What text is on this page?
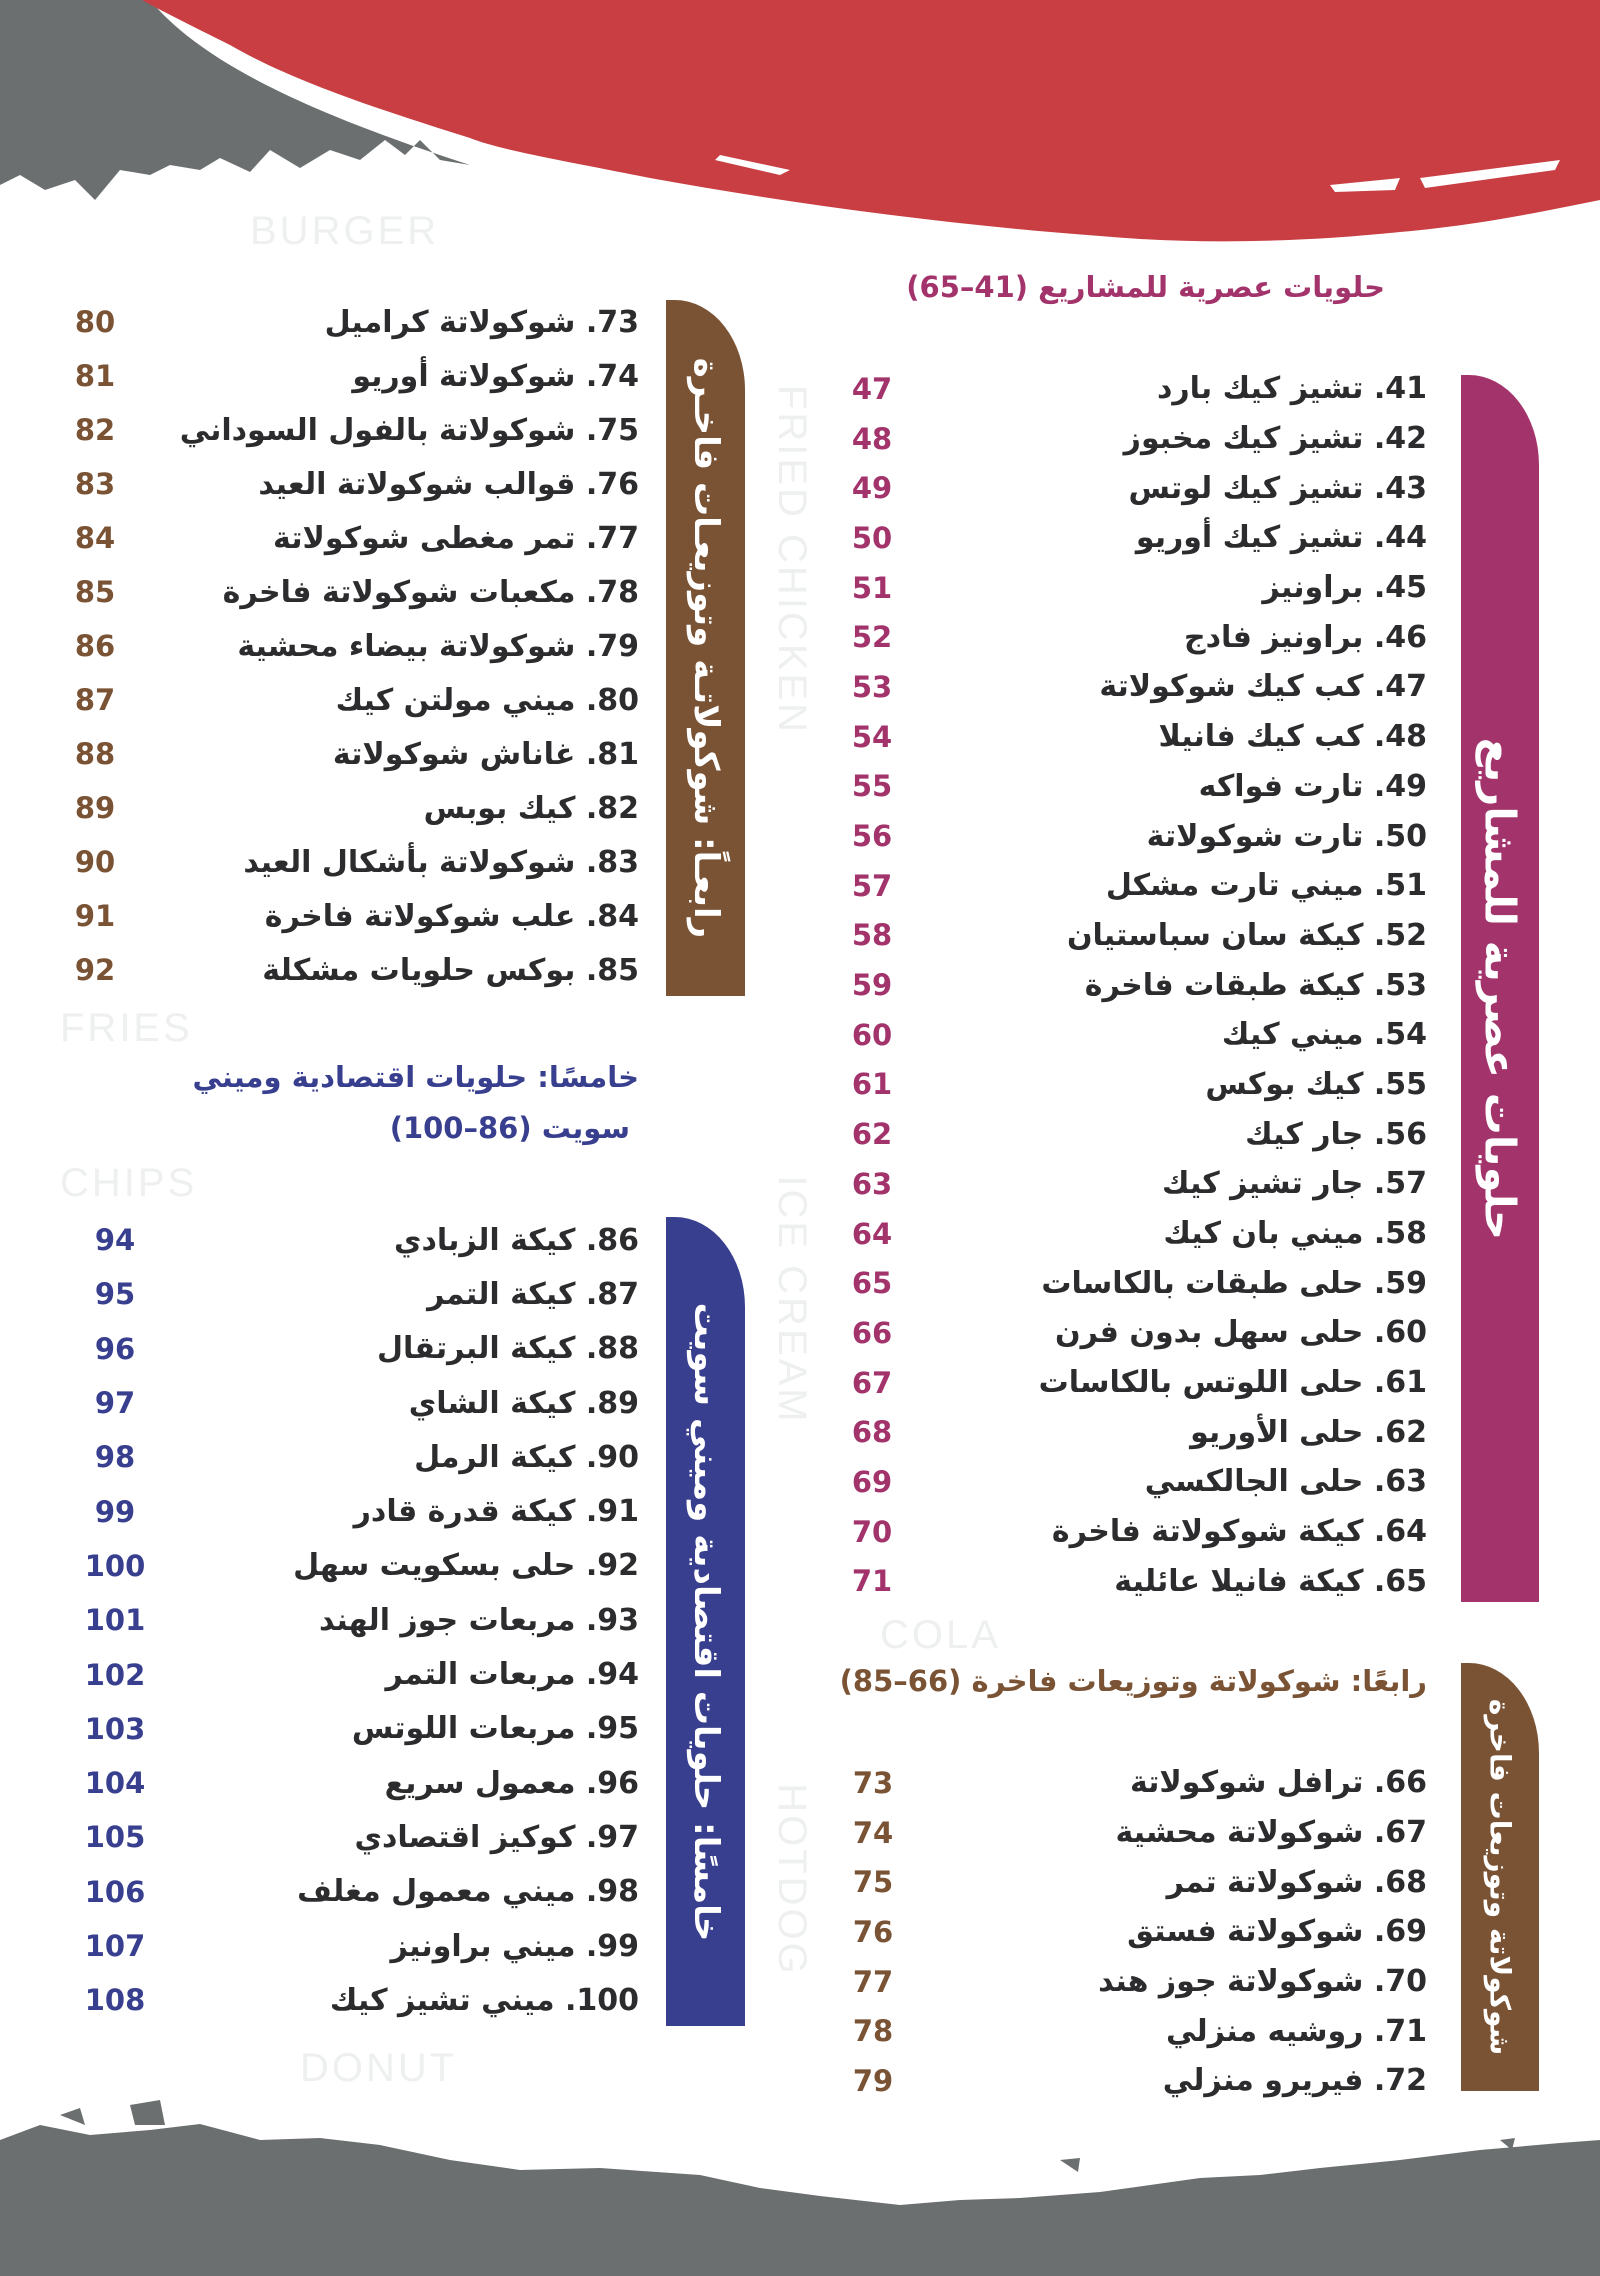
BURGER
FRIES
CHIPS
COLA
DONUT
FRIED CHICKEN
ICE CREAM
HOTDOG
حلويات عصرية للمشاريع (41–65)
حلويات عصرية للمشاريع
41. تشيز كيك بارد
47
42. تشيز كيك مخبوز
48
43. تشيز كيك لوتس
49
44. تشيز كيك أوريو
50
45. براونيز
51
46. براونيز فادج
52
47. كب كيك شوكولاتة
53
48. كب كيك فانيلا
54
49. تارت فواكه
55
50. تارت شوكولاتة
56
51. ميني تارت مشكل
57
52. كيكة سان سباستيان
58
53. كيكة طبقات فاخرة
59
54. ميني كيك
60
55. كيك بوكس
61
56. جار كيك
62
57. جار تشيز كيك
63
58. ميني بان كيك
64
59. حلى طبقات بالكاسات
65
60. حلى سهل بدون فرن
66
61. حلى اللوتس بالكاسات
67
62. حلى الأوريو
68
63. حلى الجالكسي
69
64. كيكة شوكولاتة فاخرة
70
65. كيكة فانيلا عائلية
71
رابعًا: شوكولاتة وتوزيعات فاخرة (66–85)
شوكولاتة وتوزيعات فاخرة
66. ترافل شوكولاتة
73
67. شوكولاتة محشية
74
68. شوكولاتة تمر
75
69. شوكولاتة فستق
76
70. شوكولاتة جوز هند
77
71. روشيه منزلي
78
72. فيريرو منزلي
79
رابعـاً: شوكولاتـة وتوزيعـات فاخـرة
73. شوكولاتة كراميل
80
74. شوكولاتة أوريو
81
75. شوكولاتة بالفول السوداني
82
76. قوالب شوكولاتة العيد
83
77. تمر مغطى شوكولاتة
84
78. مكعبات شوكولاتة فاخرة
85
79. شوكولاتة بيضاء محشية
86
80. ميني مولتن كيك
87
81. غاناش شوكولاتة
88
82. كيك بوبس
89
83. شوكولاتة بأشكال العيد
90
84. علب شوكولاتة فاخرة
91
85. بوكس حلويات مشكلة
92
خامسًا: حلويات اقتصادية وميني
سويت (86–100)
خامسًا: حلويات اقتصادية وميني سويت
86. كيكة الزبادي
94
87. كيكة التمر
95
88. كيكة البرتقال
96
89. كيكة الشاي
97
90. كيكة الرمل
98
91. كيكة قدرة قادر
99
92. حلى بسكويت سهل
100
93. مربعات جوز الهند
101
94. مربعات التمر
102
95. مربعات اللوتس
103
96. معمول سريع
104
97. كوكيز اقتصادي
105
98. ميني معمول مغلف
106
99. ميني براونيز
107
100. ميني تشيز كيك
108
